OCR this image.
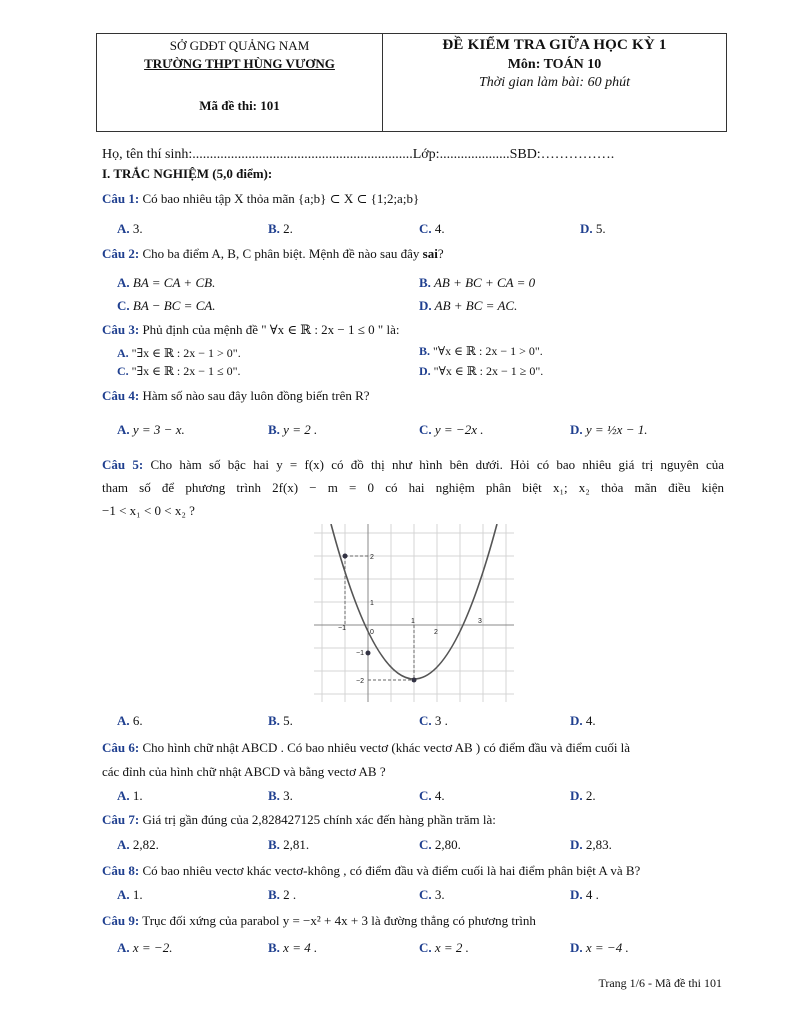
SỞ GDĐT QUẢNG NAM
TRƯỜNG THPT HÙNG VƯƠNG
Mã đề thi: 101
ĐỀ KIỂM TRA GIỮA HỌC KỲ 1
Môn: TOÁN 10
Thời gian làm bài: 60 phút
Họ, tên thí sinh:...............................................................Lớp:....................SBD:…………….
I. TRẮC NGHIỆM (5,0 điểm):
Câu 1: Có bao nhiêu tập X thỏa mãn {a;b} ⊂ X ⊂ {1;2;a;b}
A. 3.	B. 2.	C. 4.	D. 5.
Câu 2: Cho ba điểm A, B, C phân biệt. Mệnh đề nào sau đây sai?
A. BA = CA + CB.	B. AB + BC + CA = 0
C. BA − BC = CA.	D. AB + BC = AC.
Câu 3: Phủ định của mệnh đề " ∀x ∈ ℝ : 2x − 1 ≤ 0 " là:
A. "∃x ∈ ℝ : 2x − 1 > 0".	B. "∀x ∈ ℝ : 2x − 1 > 0".
C. "∃x ∈ ℝ : 2x − 1 ≤ 0".	D. "∀x ∈ ℝ : 2x − 1 ≥ 0".
Câu 4: Hàm số nào sau đây luôn đồng biến trên R?
A. y = 3 − x.	B. y = 2 .	C. y = −2x .	D. y = ½x − 1.
Câu 5: Cho hàm số bậc hai y = f(x) có đồ thị như hình bên dưới. Hỏi có bao nhiêu giá trị nguyên của
tham số để phương trình 2f(x) − m = 0 có hai nghiệm phân biệt x₁; x₂ thỏa mãn điều kiện
−1 < x₁ < 0 < x₂ ?
−1
0
1
2
3
2
1
−1
−2
A. 6.	B. 5.	C. 3 .	D. 4.
Câu 6: Cho hình chữ nhật ABCD . Có bao nhiêu vectơ (khác vectơ AB ) có điểm đầu và điểm cuối là
các đỉnh của hình chữ nhật ABCD và bằng vectơ AB ?
A. 1.	B. 3.	C. 4.	D. 2.
Câu 7: Giá trị gần đúng của 2,828427125 chính xác đến hàng phần trăm là:
A. 2,82.	B. 2,81.	C. 2,80.	D. 2,83.
Câu 8: Có bao nhiêu vectơ khác vectơ-không , có điểm đầu và điểm cuối là hai điểm phân biệt A và B?
A. 1.	B. 2 .	C. 3.	D. 4 .
Câu 9: Trục đối xứng của parabol y = −x² + 4x + 3 là đường thẳng có phương trình
A. x = −2.	B. x = 4 .	C. x = 2 .	D. x = −4 .
Trang 1/6 - Mã đề thi 101
